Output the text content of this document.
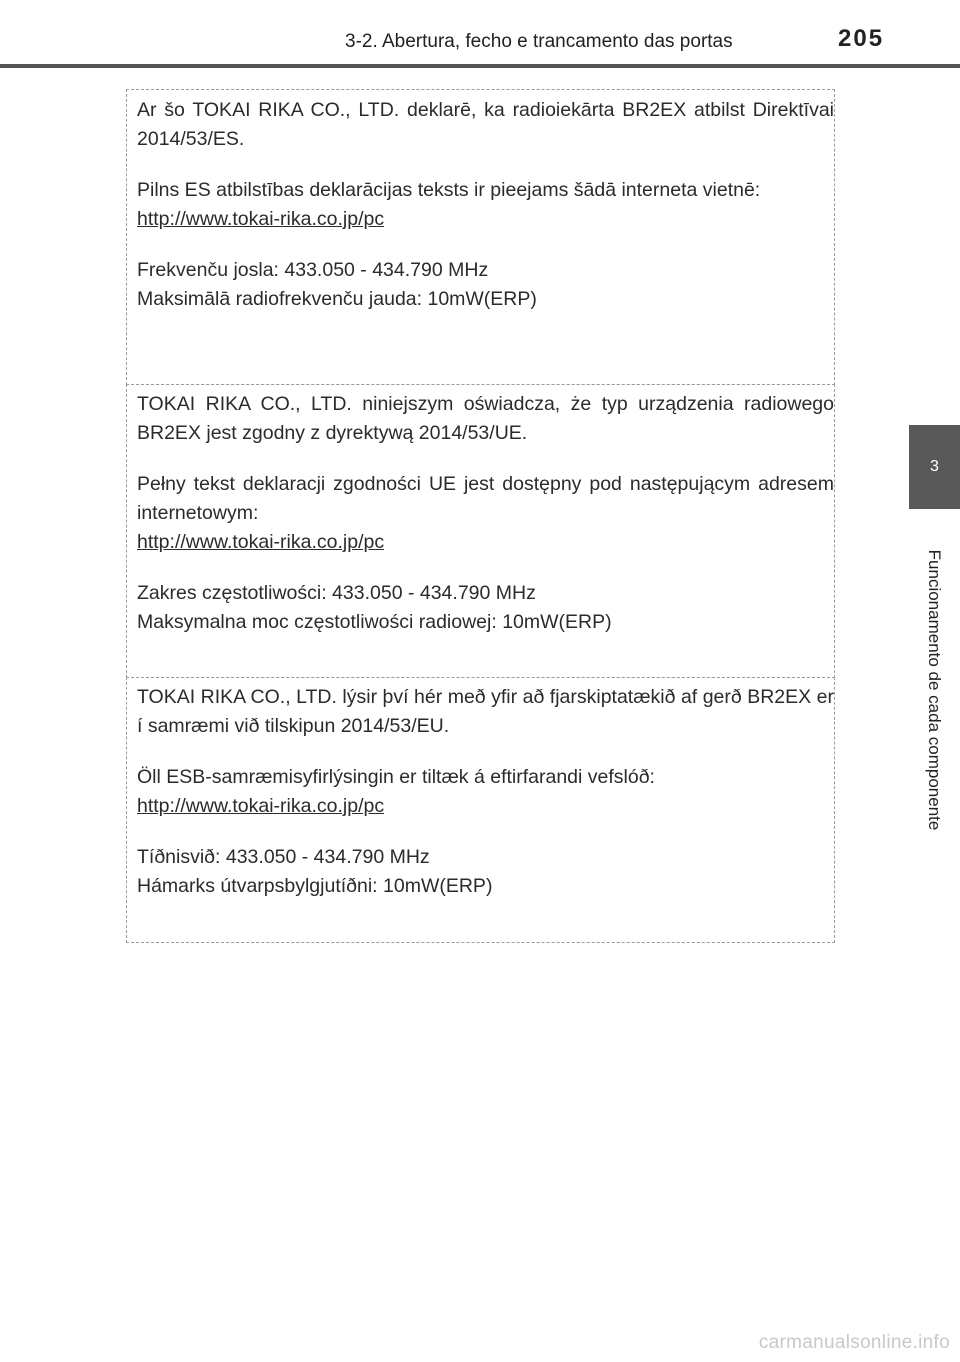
3-2. Abertura, fecho e trancamento das portas	205
3
Funcionamento de cada componente

Ar šo TOKAI RIKA CO., LTD. deklarē, ka radioiekārta BR2EX atbilst Direktīvai 2014/53/ES.

Pilns ES atbilstības deklarācijas teksts ir pieejams šādā interneta vietnē:

http://www.tokai-rika.co.jp/pc

Frekvenču josla: 433.050 - 434.790 MHz

Maksimālā radiofrekvenču jauda: 10mW(ERP)

TOKAI RIKA CO., LTD. niniejszym oświadcza, że typ urządzenia radiowego BR2EX jest zgodny z dyrektywą 2014/53/UE.

Pełny tekst deklaracji zgodności UE jest dostępny pod następującym adresem internetowym:

http://www.tokai-rika.co.jp/pc

Zakres częstotliwości: 433.050 - 434.790 MHz

Maksymalna moc częstotliwości radiowej: 10mW(ERP)

TOKAI RIKA CO., LTD. lýsir því hér með yfir að fjarskiptatækið af gerð BR2EX er í samræmi við tilskipun 2014/53/EU.

Öll ESB-samræmisyfirlýsingin er tiltæk á eftirfarandi vefslóð:

http://www.tokai-rika.co.jp/pc

Tíðnisvið: 433.050 - 434.790 MHz

Hámarks útvarpsbylgjutíðni: 10mW(ERP)

carmanualsonline.info
